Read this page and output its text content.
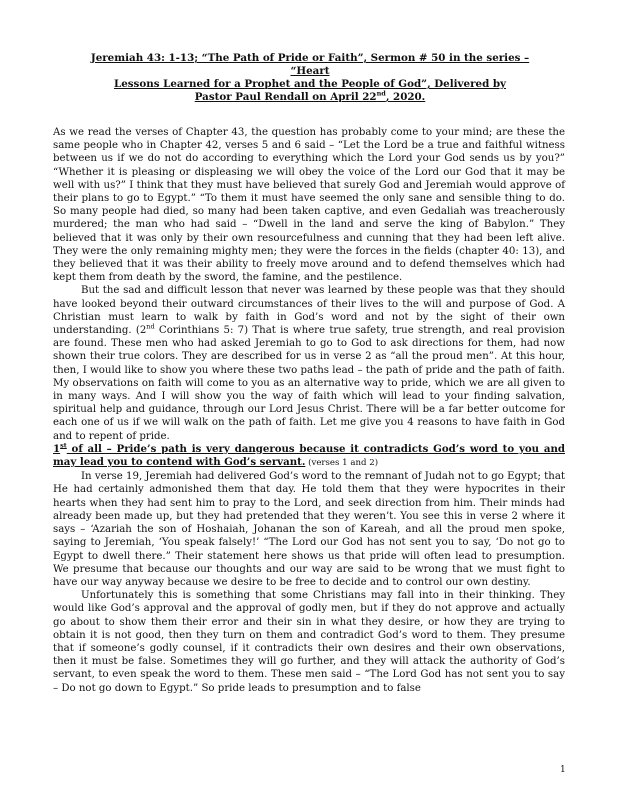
Jeremiah 43: 1-13; “The Path of Pride or Faith”, Sermon # 50 in the series – “Heart
Lessons Learned for a Prophet and the People of God”, Delivered by
Pastor Paul Rendall on April 22nd, 2020.

As we read the verses of Chapter 43, the question has probably come to your mind; are these the same people who in Chapter 42, verses 5 and 6 said – “Let the Lord be a true and faithful witness between us if we do not do according to everything which the Lord your God sends us by you?” “Whether it is pleasing or displeasing we will obey the voice of the Lord our God that it may be well with us?” I think that they must have believed that surely God and Jeremiah would approve of their plans to go to Egypt.” “To them it must have seemed the only sane and sensible thing to do. So many people had died, so many had been taken captive, and even Gedaliah was treacherously murdered; the man who had said – “Dwell in the land and serve the king of Babylon.” They believed that it was only by their own resourcefulness and cunning that they had been left alive. They were the only remaining mighty men; they were the forces in the fields (chapter 40: 13), and they believed that it was their ability to freely move around and to defend themselves which had kept them from death by the sword, the famine, and the pestilence.

But the sad and difficult lesson that never was learned by these people was that they should have looked beyond their outward circumstances of their lives to the will and purpose of God. A Christian must learn to walk by faith in God’s word and not by the sight of their own understanding. (2nd Corinthians 5: 7) That is where true safety, true strength, and real provision are found. These men who had asked Jeremiah to go to God to ask directions for them, had now shown their true colors. They are described for us in verse 2 as “all the proud men”. At this hour, then, I would like to show you where these two paths lead – the path of pride and the path of faith. My observations on faith will come to you as an alternative way to pride, which we are all given to in many ways. And I will show you the way of faith which will lead to your finding salvation, spiritual help and guidance, through our Lord Jesus Christ. There will be a far better outcome for each one of us if we will walk on the path of faith. Let me give you 4 reasons to have faith in God and to repent of pride.

1st of all – Pride’s path is very dangerous because it contradicts God’s word to you and may lead you to contend with God’s servant. (verses 1 and 2)

In verse 19, Jeremiah had delivered God’s word to the remnant of Judah not to go Egypt; that He had certainly admonished them that day. He told them that they were hypocrites in their hearts when they had sent him to pray to the Lord, and seek direction from him. Their minds had already been made up, but they had pretended that they weren’t. You see this in verse 2 where it says – ‘Azariah the son of Hoshaiah, Johanan the son of Kareah, and all the proud men spoke, saying to Jeremiah, ‘You speak falsely!’ “The Lord our God has not sent you to say, ‘Do not go to Egypt to dwell there.” Their statement here shows us that pride will often lead to presumption. We presume that because our thoughts and our way are said to be wrong that we must fight to have our way anyway because we desire to be free to decide and to control our own destiny.

Unfortunately this is something that some Christians may fall into in their thinking. They would like God’s approval and the approval of godly men, but if they do not approve and actually go about to show them their error and their sin in what they desire, or how they are trying to obtain it is not good, then they turn on them and contradict God’s word to them. They presume that if someone’s godly counsel, if it contradicts their own desires and their own observations, then it must be false. Sometimes they will go further, and they will attack the authority of God’s servant, to even speak the word to them. These men said – “The Lord God has not sent you to say – Do not go down to Egypt.” So pride leads to presumption and to false

1
